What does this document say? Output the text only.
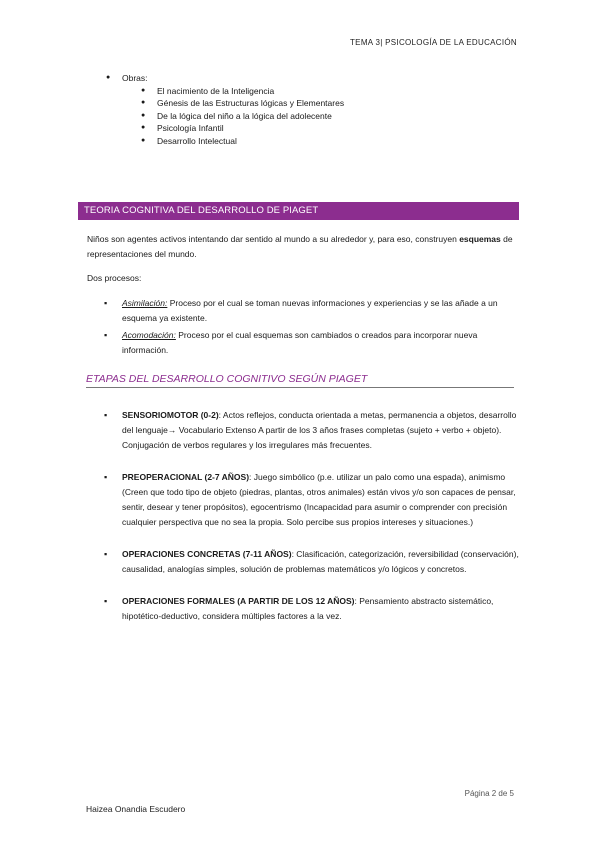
TEMA 3| PSICOLOGÍA DE LA EDUCACIÓN
●	Obras:
●	El nacimiento de la Inteligencia
●	Génesis de las Estructuras lógicas y Elementares
●	De la lógica del niño a la lógica del adolecente
●	Psicología Infantil
●	Desarrollo Intelectual
TEORIA COGNITIVA DEL DESARROLLO DE PIAGET
Niños son agentes activos intentando dar sentido al mundo a su alrededor y, para eso, construyen esquemas de representaciones del mundo.
Dos procesos:
▪	Asimilación: Proceso por el cual se toman nuevas informaciones y experiencias y se las añade a un esquema ya existente.
▪	Acomodación: Proceso por el cual esquemas son cambiados o creados para incorporar nueva información.
ETAPAS DEL DESARROLLO COGNITIVO SEGÚN PIAGET
▪	SENSORIOMOTOR (0-2): Actos reflejos, conducta orientada a metas, permanencia a objetos, desarrollo del lenguaje→ Vocabulario Extenso A partir de los 3 años frases completas (sujeto + verbo + objeto). Conjugación de verbos regulares y los irregulares más frecuentes.
▪	PREOPERACIONAL (2-7 AÑOS): Juego simbólico (p.e. utilizar un palo como una espada), animismo (Creen que todo tipo de objeto (piedras, plantas, otros animales) están vivos y/o son capaces de pensar, sentir, desear y tener propósitos), egocentrismo (Incapacidad para asumir o comprender con precisión cualquier perspectiva que no sea la propia. Solo percibe sus propios intereses y situaciones.)
▪	OPERACIONES CONCRETAS (7-11 AÑOS): Clasificación, categorización, reversibilidad (conservación), causalidad, analogías simples, solución de problemas matemáticos y/o lógicos y concretos.
▪	OPERACIONES FORMALES (A PARTIR DE LOS 12 AÑOS): Pensamiento abstracto sistemático, hipotético-deductivo, considera múltiples factores a la vez.
Página 2 de 5
Haizea Onandia Escudero
